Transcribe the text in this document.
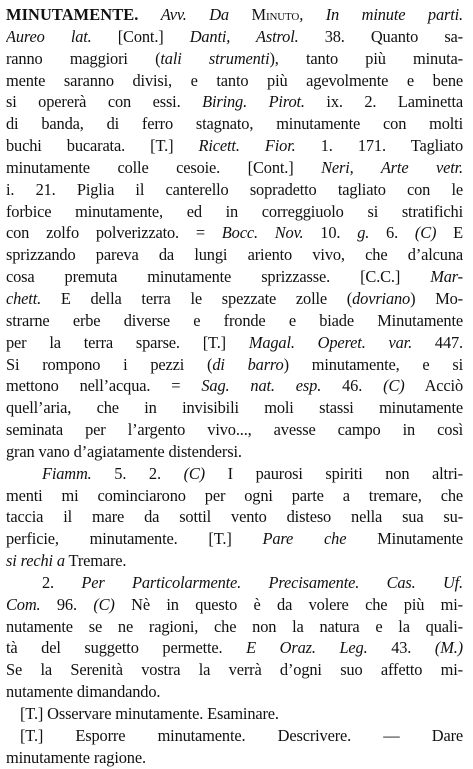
MINUTAMENTE. Avv. Da Minuto, In minute parti.
Aureo lat. [Cont.] Danti, Astrol. 38. Quanto sa-
ranno maggiori (tali strumenti), tanto più minuta-
mente saranno divisi, e tanto più agevolmente e bene
si opererà con essi. Biring. Pirot. ix. 2. Laminetta
di banda, di ferro stagnato, minutamente con molti
buchi bucarata. [T.] Ricett. Fior. 1. 171. Tagliato
minutamente colle cesoie. [Cont.] Neri, Arte vetr.
i. 21. Piglia il canterello sopradetto tagliato con le
forbice minutamente, ed in correggiuolo si stratifichi
con zolfo polverizzato. = Bocc. Nov. 10. g. 6. (C) E
sprizzando pareva da lungi ariento vivo, che d’alcuna
cosa premuta minutamente sprizzasse. [C.C.] Mar-
chett. E della terra le spezzate zolle (dovriano) Mo-
strarne erbe diverse e fronde e biade Minutamente
per la terra sparse. [T.] Magal. Operet. var. 447.
Si rompono i pezzi (di barro) minutamente, e si
mettono nell’acqua. = Sag. nat. esp. 46. (C) Acciò
quell’aria, che in invisibili moli stassi minutamente
seminata per l’argento vivo..., avesse campo in così
gran vano d’agiatamente distendersi.
Fiamm. 5. 2. (C) I paurosi spiriti non altri-
menti mi cominciarono per ogni parte a tremare, che
taccia il mare da sottil vento disteso nella sua su-
perficie, minutamente. [T.] Pare che Minutamente
si rechi a Tremare.
2. Per Particolarmente. Precisamente. Cas. Uf.
Com. 96. (C) Nè in questo è da volere che più mi-
nutamente se ne ragioni, che non la natura e la quali-
tà del suggetto permette. E Oraz. Leg. 43. (M.)
Se la Serenità vostra la verrà d’ogni suo affetto mi-
nutamente dimandando.
[T.] Osservare minutamente. Esaminare.
[T.] Esporre minutamente. Descrivere. — Dare
minutamente ragione.
